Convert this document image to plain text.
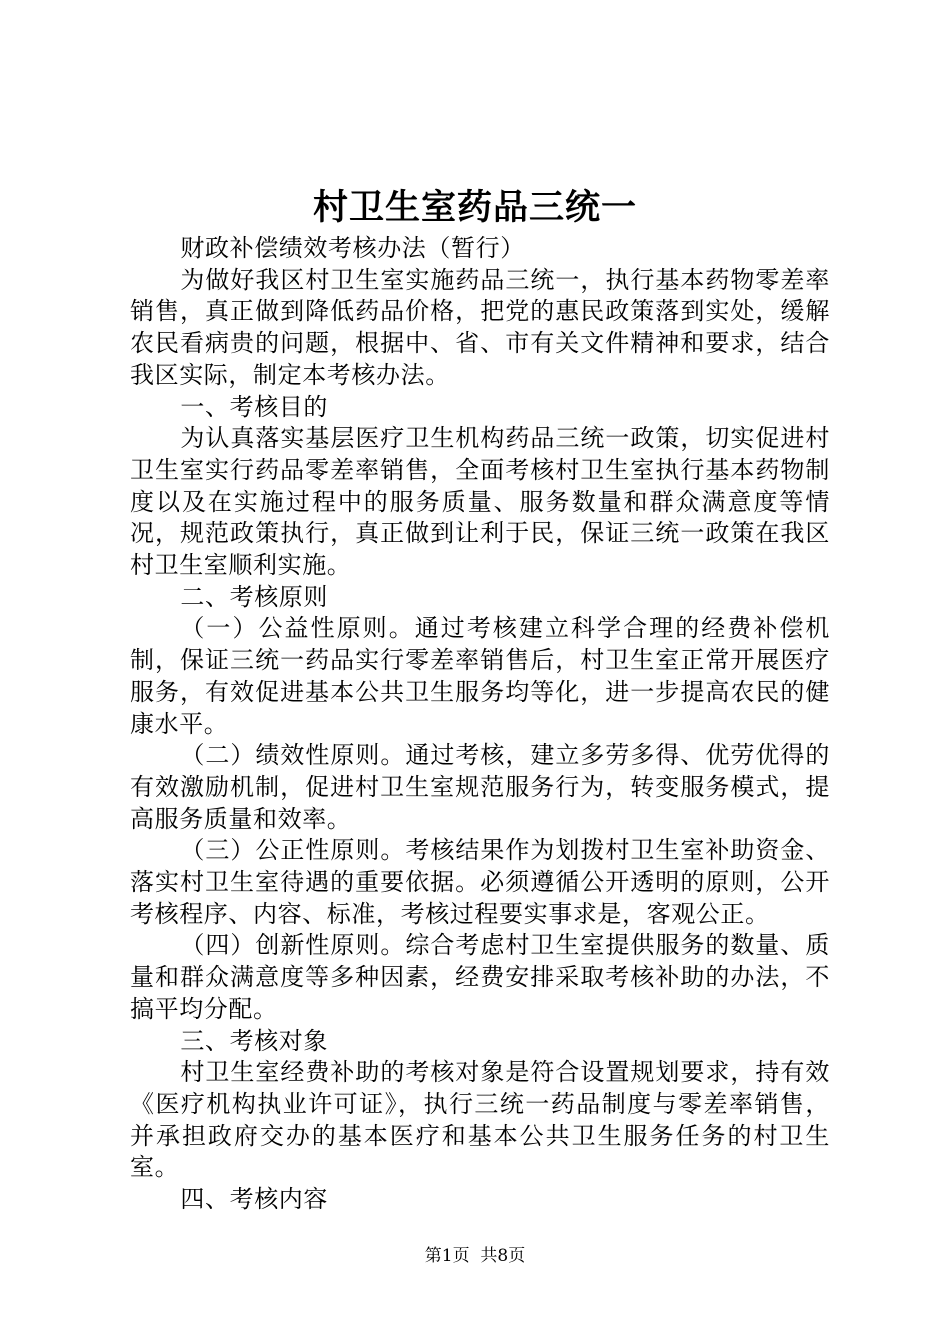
村卫生室药品三统一

财政补偿绩效考核办法（暂行）

为做好我区村卫生室实施药品三统一，执行基本药物零差率销售，真正做到降低药品价格，把党的惠民政策落到实处，缓解农民看病贵的问题，根据中、省、市有关文件精神和要求，结合我区实际，制定本考核办法。

一、考核目的

为认真落实基层医疗卫生机构药品三统一政策，切实促进村卫生室实行药品零差率销售，全面考核村卫生室执行基本药物制度以及在实施过程中的服务质量、服务数量和群众满意度等情况，规范政策执行，真正做到让利于民，保证三统一政策在我区村卫生室顺利实施。

二、考核原则

（一）公益性原则。通过考核建立科学合理的经费补偿机制，保证三统一药品实行零差率销售后，村卫生室正常开展医疗服务，有效促进基本公共卫生服务均等化，进一步提高农民的健康水平。

（二）绩效性原则。通过考核，建立多劳多得、优劳优得的有效激励机制，促进村卫生室规范服务行为，转变服务模式，提高服务质量和效率。

（三）公正性原则。考核结果作为划拨村卫生室补助资金、落实村卫生室待遇的重要依据。必须遵循公开透明的原则，公开考核程序、内容、标准，考核过程要实事求是，客观公正。

（四）创新性原则。综合考虑村卫生室提供服务的数量、质量和群众满意度等多种因素，经费安排采取考核补助的办法，不搞平均分配。

三、考核对象

村卫生室经费补助的考核对象是符合设置规划要求，持有效《医疗机构执业许可证》，执行三统一药品制度与零差率销售，并承担政府交办的基本医疗和基本公共卫生服务任务的村卫生室。

四、考核内容

第1页 共8页
